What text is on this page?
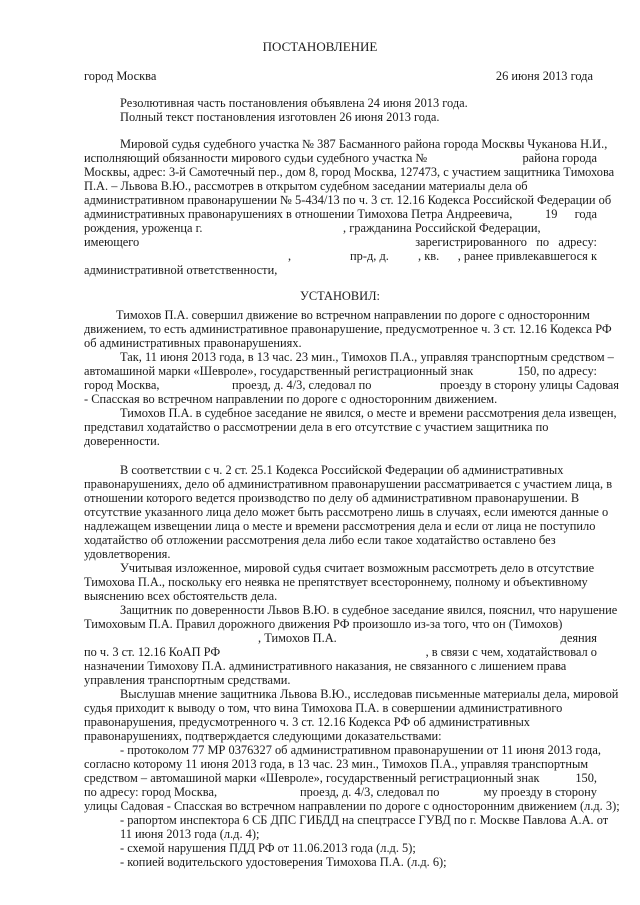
ПОСТАНОВЛЕНИЕ
город Москва	26 июня 2013 года
Резолютивная часть постановления объявлена 24 июня 2013 года.
Полный текст постановления изготовлен 26 июня 2013 года.
Мировой судья судебного участка № 387 Басманного района города Москвы Чуканова Н.И.,
исполняющий обязанности мирового судьи судебного участка №	района города
Москвы, адрес: 3-й Самотечный пер., дом 8, город Москва, 127473, с участием защитника Тимохова
П.А. – Львова В.Ю., рассмотрев в открытом судебном заседании материалы дела об
административном правонарушении № 5-434/13 по ч. 3 ст. 12.16 Кодекса Российской Федерации об
административных правонарушениях в отношении Тимохова Петра Андреевича,	19	года
рождения, уроженца г.	, гражданина Российской Федерации,
имеющего	зарегистрированного   по   адресу:
,	пр-д, д. , кв.	, ранее привлекавшегося к
административной ответственности,
УСТАНОВИЛ:
Тимохов П.А. совершил движение во встречном направлении по дороге с односторонним
движением, то есть административное правонарушение, предусмотренное ч. 3 ст. 12.16 Кодекса РФ
об административных правонарушениях.
Так, 11 июня 2013 года, в 13 час. 23 мин., Тимохов П.А., управляя транспортным средством –
автомашиной марки «Шевроле», государственный регистрационный знак	150, по адресу:
город Москва,	проезд, д. 4/3, следовал по	проезду в сторону улицы Садовая
- Спасская во встречном направлении по дороге с односторонним движением.
Тимохов П.А. в судебное заседание не явился, о месте и времени рассмотрения дела извещен,
представил ходатайство о рассмотрении дела в его отсутствие с участием защитника по
доверенности.
В соответствии с ч. 2 ст. 25.1 Кодекса Российской Федерации об административных
правонарушениях, дело об административном правонарушении рассматривается с участием лица, в
отношении которого ведется производство по делу об административном правонарушении. В
отсутствие указанного лица дело может быть рассмотрено лишь в случаях, если имеются данные о
надлежащем извещении лица о месте и времени рассмотрения дела и если от лица не поступило
ходатайство об отложении рассмотрения дела либо если такое ходатайство оставлено без
удовлетворения.
Учитывая изложенное, мировой судья считает возможным рассмотреть дело в отсутствие
Тимохова П.А., поскольку его неявка не препятствует всестороннему, полному и объективному
выяснению всех обстоятельств дела.
Защитник по доверенности Львов В.Ю. в судебное заседание явился, пояснил, что нарушение
Тимоховым П.А. Правил дорожного движения РФ произошло из-за того, что он (Тимохов)
, Тимохов П.А.	деяния
по ч. 3 ст. 12.16 КоАП РФ	, в связи с чем, ходатайствовал о
назначении Тимохову П.А. административного наказания, не связанного с лишением права
управления транспортным средствами.
Выслушав мнение защитника Львова В.Ю., исследовав письменные материалы дела, мировой
судья приходит к выводу о том, что вина Тимохова П.А. в совершении административного
правонарушения, предусмотренного ч. 3 ст. 12.16 Кодекса РФ об административных
правонарушениях, подтверждается следующими доказательствами:
- протоколом 77 МР 0376327 об административном правонарушении от 11 июня 2013 года,
согласно которому 11 июня 2013 года, в 13 час. 23 мин., Тимохов П.А., управляя транспортным
средством – автомашиной марки «Шевроле», государственный регистрационный знак	150,
по адресу: город Москва,	проезд, д. 4/3, следовал по	му проезду в сторону
улицы Садовая - Спасская во встречном направлении по дороге с односторонним движением (л.д. 3);
- рапортом инспектора 6 СБ ДПС ГИБДД на спецтрассе ГУВД по г. Москве Павлова А.А. от
11 июня 2013 года (л.д. 4);
- схемой нарушения ПДД РФ от 11.06.2013 года (л.д. 5);
- копией водительского удостоверения Тимохова П.А. (л.д. 6);
